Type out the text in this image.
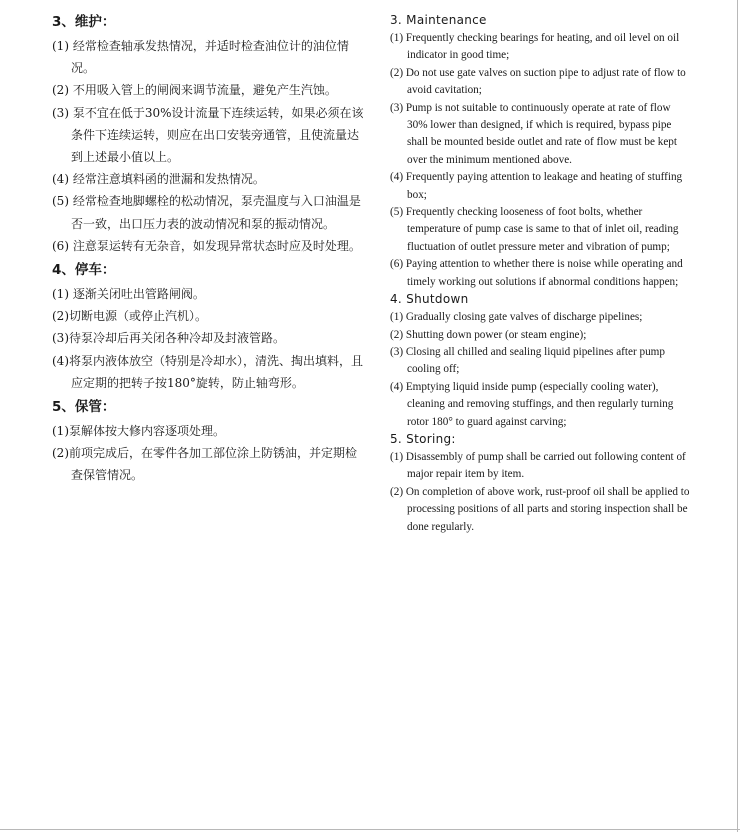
3、维护：
(1) 经常检查轴承发热情况，并适时检查油位计的油位情况。
(2) 不用吸入管上的闸阀来调节流量，避免产生汽蚀。
(3) 泵不宜在低于30%设计流量下连续运转，如果必须在该条件下连续运转，则应在出口安装旁通管，且使流量达到上述最小值以上。
(4) 经常注意填料函的泄漏和发热情况。
(5) 经常检查地脚螺栓的松动情况，泵壳温度与入口油温是否一致，出口压力表的波动情况和泵的振动情况。
(6) 注意泵运转有无杂音，如发现异常状态时应及时处理。
4、停车：
(1) 逐渐关闭吐出管路闸阀。
(2)切断电源（或停止汽机）。
(3)待泵冷却后再关闭各种冷却及封液管路。
(4)将泵内液体放空（特别是冷却水），清洗、掏出填料，且应定期的把转子按180°旋转，防止轴弯形。
5、保管：
(1)泵解体按大修内容逐项处理。
(2)前项完成后，在零件各加工部位涂上防锈油，并定期检查保管情况。
3. Maintenance
(1) Frequently checking bearings for heating, and oil level on oil indicator in good time;
(2) Do not use gate valves on suction pipe to adjust rate of flow to avoid cavitation;
(3) Pump is not suitable to continuously operate at rate of flow 30% lower than designed, if which is required, bypass pipe shall be mounted beside outlet and rate of flow must be kept over the minimum mentioned above.
(4) Frequently paying attention to leakage and heating of stuffing box;
(5) Frequently checking looseness of foot bolts, whether temperature of pump case is same to that of inlet oil, reading fluctuation of outlet pressure meter and vibration of pump;
(6) Paying attention to whether there is noise while operating and timely working out solutions if abnormal conditions happen;
4. Shutdown
(1) Gradually closing gate valves of discharge pipelines;
(2) Shutting down power (or steam engine);
(3) Closing all chilled and sealing liquid pipelines after pump cooling off;
(4) Emptying liquid inside pump (especially cooling water), cleaning and removing stuffings, and then regularly turning rotor 180° to guard against carving;
5. Storing:
(1) Disassembly of pump shall be carried out following content of major repair item by item.
(2) On completion of above work, rust-proof oil shall be applied to processing positions of all parts and storing inspection shall be done regularly.
